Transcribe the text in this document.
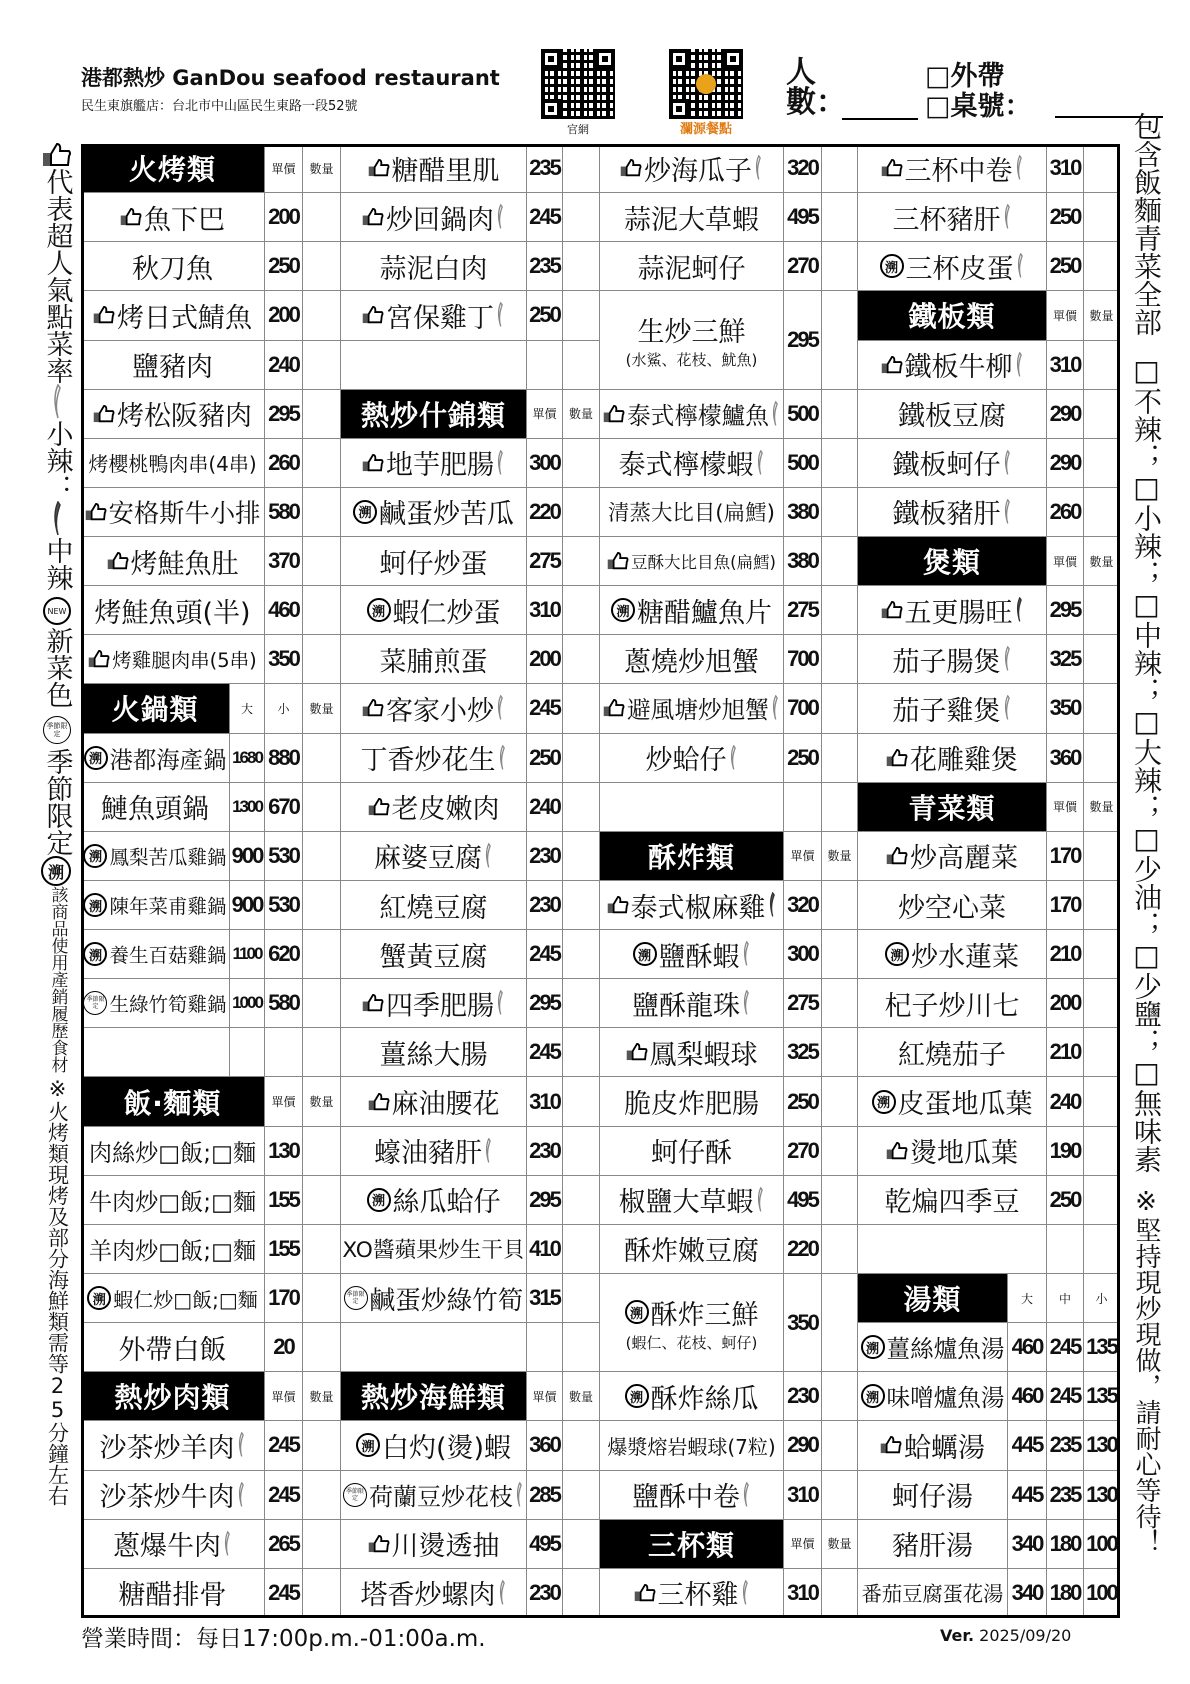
港都熱炒 GanDou seafood restaurant
民生東旗艦店：台北市中山區民生東路一段52號
官網	瀾源餐點
人
數：
□外帶
□桌號：
代表超人氣點菜率
小辣：
中辣
NEW
新菜色
季節限定
季節限定
溯
該商品使用產銷履歷食材
※火烤類現烤及部分海鮮類需等25分鐘左右
包含飯麵青菜全部
□不辣；□小辣；□中辣；□大辣；□少油；□少鹽；□無味素
※堅持現炒現做，請耐心等待！
火烤類	單價	數量
魚下巴 200
秋刀魚	250
烤日式鯖魚 200
鹽豬肉	240
烤松阪豬肉 295
烤櫻桃鴨肉串(4串) 260
安格斯牛小排 580
烤鮭魚肚 370
烤鮭魚頭(半) 460
烤雞腿肉串(5串) 350
火鍋類	大	小	數量
溯 港都海產鍋 1680 880
鰱魚頭鍋 1300 670
溯 鳳梨苦瓜雞鍋 900 530
溯 陳年菜甫雞鍋 900 530
溯 養生百菇雞鍋 1100 620
季節限定 生綠竹筍雞鍋 1000 580
飯‧麵類	單價	數量
肉絲炒□飯;□麵 130
牛肉炒□飯;□麵 155
羊肉炒□飯;□麵 155
溯 蝦仁炒□飯;□麵 170
外帶白飯	20
熱炒肉類	單價	數量
沙茶炒羊肉 245
沙茶炒牛肉 245
蔥爆牛肉 265
糖醋排骨 245
糖醋里肌 235
炒回鍋肉 245
蒜泥白肉 235
宮保雞丁 250
熱炒什錦類	單價	數量
地芋肥腸 300
溯 鹹蛋炒苦瓜 220
蚵仔炒蛋 275
溯 蝦仁炒蛋 310
菜脯煎蛋 200
客家小炒 245
丁香炒花生 250
老皮嫩肉 240
麻婆豆腐 230
紅燒豆腐 230
蟹黃豆腐 245
四季肥腸 295
薑絲大腸 245
麻油腰花 310
蠔油豬肝 230
溯 絲瓜蛤仔 295
XO醬蘋果炒生干貝 410
季節限定 鹹蛋炒綠竹筍 315
熱炒海鮮類	單價	數量
溯 白灼(燙)蝦 360
季節限定 荷蘭豆炒花枝 285
川燙透抽 495
塔香炒螺肉 230
炒海瓜子 320
蒜泥大草蝦 495
蒜泥蚵仔 270
生炒三鮮
(水鯊、花枝、魷魚)
295
泰式檸檬鱸魚 500
泰式檸檬蝦 500
清蒸大比目(扁鱈) 380
豆酥大比目魚(扁鱈) 380
溯 糖醋鱸魚片 275
蔥燒炒旭蟹 700
避風塘炒旭蟹 700
炒蛤仔	250
酥炸類	單價	數量
泰式椒麻雞 320
溯 鹽酥蝦 300
鹽酥龍珠 275
鳳梨蝦球 325
脆皮炸肥腸 250
蚵仔酥	270
椒鹽大草蝦 495
酥炸嫩豆腐 220
溯 酥炸三鮮
(蝦仁、花枝、蚵仔)
350
溯 酥炸絲瓜 230
爆漿熔岩蝦球(7粒) 290
鹽酥中卷 310
三杯類	單價	數量
三杯雞 310
三杯中卷 310
三杯豬肝 250
溯 三杯皮蛋 250
鐵板類	單價	數量
鐵板牛柳 310
鐵板豆腐 290
鐵板蚵仔 290
鐵板豬肝 260
煲類	單價	數量
五更腸旺 295
茄子腸煲 325
茄子雞煲 350
花雕雞煲 360
青菜類	單價	數量
炒高麗菜 170
炒空心菜 170
溯 炒水蓮菜 210
杞子炒川七 200
紅燒茄子 210
溯 皮蛋地瓜葉 240
燙地瓜葉 190
乾煸四季豆 250
湯類	大	中	小
溯 薑絲爐魚湯 460 245 135
溯 味噌爐魚湯 460 245 135
蛤蠣湯 445 235 130
蚵仔湯 445 235 130
豬肝湯 340 180 100
番茄豆腐蛋花湯 340 180 100
營業時間：每日17:00p.m.-01:00a.m.	Ver. 2025/09/20
